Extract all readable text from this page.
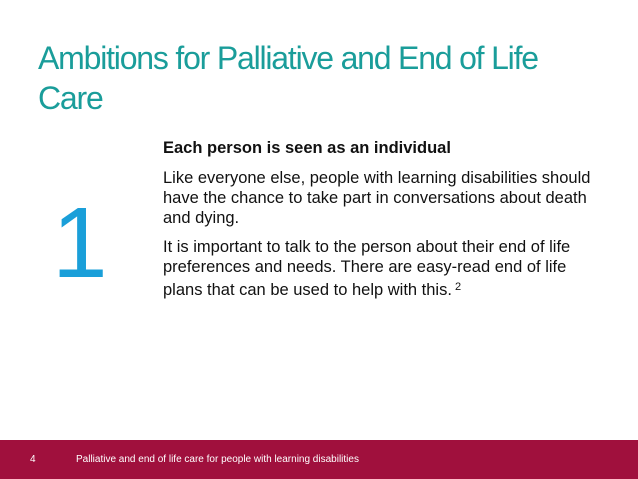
Ambitions for Palliative and End of Life Care
1

Each person is seen as an individual

Like everyone else, people with learning disabilities should have the chance to take part in conversations about death and dying.

It is important to talk to the person about their end of life preferences and needs. There are easy-read end of life plans that can be used to help with this. $^2$

4	Palliative and end of life care for people with learning disabilities
